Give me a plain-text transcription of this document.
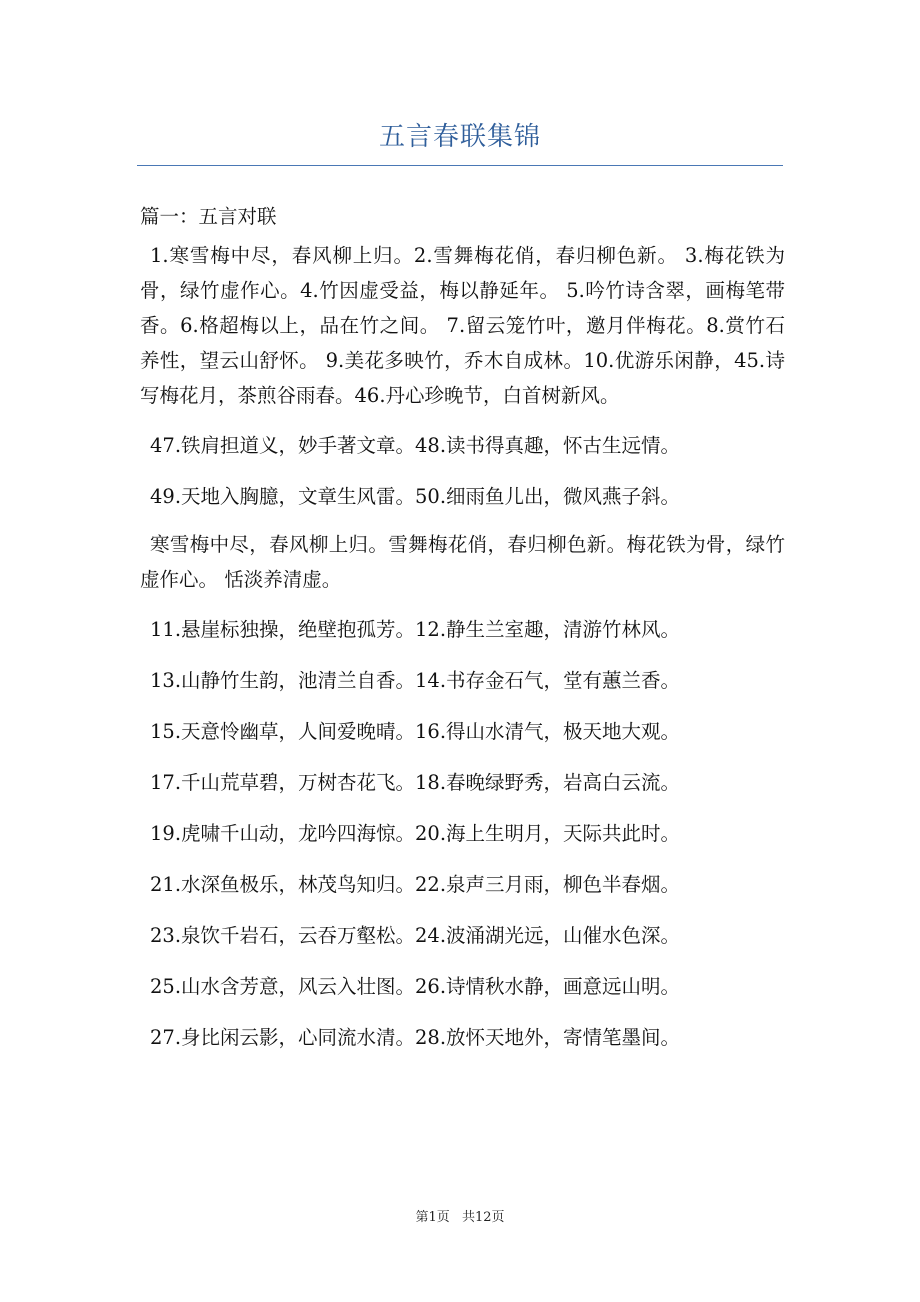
五言春联集锦

篇一：五言对联

1.寒雪梅中尽，春风柳上归。2.雪舞梅花俏，春归柳色新。 3.梅花铁为骨，绿竹虚作心。4.竹因虚受益，梅以静延年。 5.吟竹诗含翠，画梅笔带香。6.格超梅以上，品在竹之间。 7.留云笼竹叶，邀月伴梅花。8.赏竹石养性，望云山舒怀。 9.美花多映竹，乔木自成林。10.优游乐闲静，45.诗写梅花月，茶煎谷雨春。46.丹心珍晚节，白首树新风。

47.铁肩担道义，妙手著文章。48.读书得真趣，怀古生远情。

49.天地入胸臆，文章生风雷。50.细雨鱼儿出，微风燕子斜。

寒雪梅中尽，春风柳上归。雪舞梅花俏，春归柳色新。梅花铁为骨，绿竹虚作心。 恬淡养清虚。

11.悬崖标独操，绝壁抱孤芳。12.静生兰室趣，清游竹林风。

13.山静竹生韵，池清兰自香。14.书存金石气，堂有蕙兰香。

15.天意怜幽草，人间爱晚晴。16.得山水清气，极天地大观。

17.千山荒草碧，万树杏花飞。18.春晚绿野秀，岩高白云流。

19.虎啸千山动，龙吟四海惊。20.海上生明月，天际共此时。

21.水深鱼极乐，林茂鸟知归。22.泉声三月雨，柳色半春烟。

23.泉饮千岩石，云吞万壑松。24.波涌湖光远，山催水色深。

25.山水含芳意，风云入壮图。26.诗情秋水静，画意远山明。

27.身比闲云影，心同流水清。28.放怀天地外，寄情笔墨间。

第1页 共12页
